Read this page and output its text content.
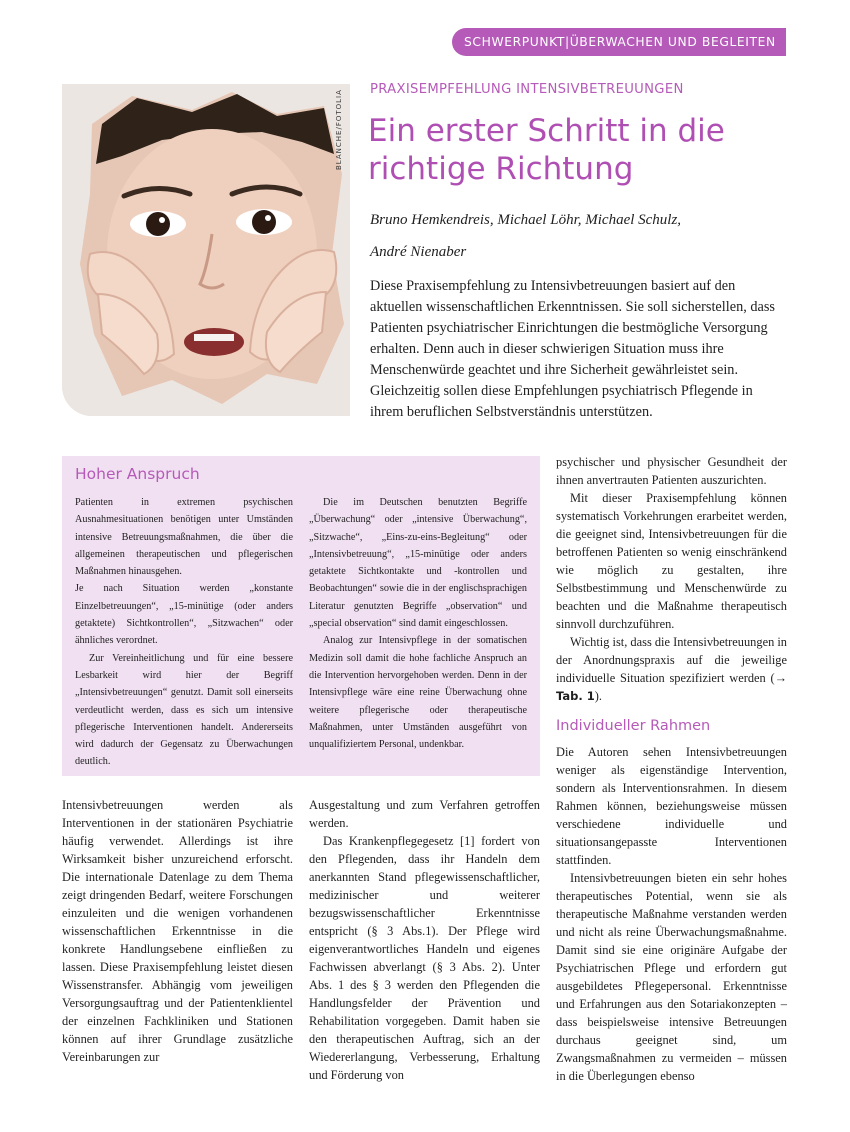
SCHWERPUNKT|ÜBERWACHEN UND BEGLEITEN 93
BLANCHE/FOTOLIA	PRAXISEMPFEHLUNG INTENSIVBETREUUNGEN
Ein erster Schritt in die
richtige Richtung
Bruno Hemkendreis, Michael Löhr, Michael Schulz,
André Nienaber
Diese Praxisempfehlung zu Intensivbetreuungen basiert auf den aktuellen wissenschaftlichen Erkenntnissen. Sie soll sicherstellen, dass Patienten psychiatrischer Einrichtungen die bestmögliche Versorgung erhalten. Denn auch in dieser schwierigen Situation muss ihre Menschenwürde geachtet und ihre Sicherheit gewährleistet sein. Gleichzeitig sollen diese Empfehlungen psychiatrisch Pflegende in ihrem beruflichen Selbstverständnis unterstützen.
Hoher Anspruch

Patienten in extremen psychischen Ausnahmesituationen benötigen unter Umständen intensive Betreuungsmaßnahmen, die über die allgemeinen therapeutischen und pflegerischen Maßnahmen hinausgehen.

Je nach Situation werden „konstante Einzelbetreuungen“, „15-minütige (oder anders getaktete) Sichtkontrollen“, „Sitzwachen“ oder ähnliches verordnet.

Zur Vereinheitlichung und für eine bessere Lesbarkeit wird hier der Begriff „Intensivbetreuungen“ genutzt. Damit soll einerseits verdeutlicht werden, dass es sich um intensive pflegerische Interventionen handelt. Andererseits wird dadurch der Gegensatz zu Überwachungen deutlich.

Die im Deutschen benutzten Begriffe „Überwachung“ oder „intensive Überwachung“, „Sitzwache“, „Eins-zu-eins-Begleitung“ oder „Intensivbetreuung“, „15-minütige oder anders getaktete Sichtkontakte und -kontrollen und Beobachtungen“ sowie die in der englischsprachigen Literatur genutzten Begriffe „observation“ und „special observation“ sind damit eingeschlossen.

Analog zur Intensivpflege in der somatischen Medizin soll damit die hohe fachliche Anspruch an die Intervention hervorgehoben werden. Denn in der Intensivpflege wäre eine reine Überwachung ohne weitere pflegerische oder therapeutische Maßnahmen, unter Umständen ausgeführt von unqualifiziertem Personal, undenkbar.

Intensivbetreuungen werden als Interventionen in der stationären Psychiatrie häufig verwendet. Allerdings ist ihre Wirksamkeit bisher unzureichend erforscht. Die internationale Datenlage zu dem Thema zeigt dringenden Bedarf, weitere Forschungen einzuleiten und die wenigen vorhandenen wissenschaftlichen Erkenntnisse in die konkrete Handlungsebene einfließen zu lassen. Diese Praxisempfehlung leistet diesen Wissenstransfer. Abhängig vom jeweiligen Versorgungsauftrag und der Patientenklientel der einzelnen Fachkliniken und Stationen können auf ihrer Grundlage zusätzliche Vereinbarungen zur

Ausgestaltung und zum Verfahren getroffen werden.

Das Krankenpflegegesetz [1] fordert von den Pflegenden, dass ihr Handeln dem anerkannten Stand pflegewissenschaftlicher, medizinischer und weiterer bezugswissenschaftlicher Erkenntnisse entspricht (§ 3 Abs.1). Der Pflege wird eigenverantwortliches Handeln und eigenes Fachwissen abverlangt (§ 3 Abs. 2). Unter Abs. 1 des § 3 werden den Pflegenden die Handlungsfelder der Prävention und Rehabilitation vorgegeben. Damit haben sie den therapeutischen Auftrag, sich an der Wiedererlangung, Verbesserung, Erhaltung und Förderung von

psychischer und physischer Gesundheit der ihnen anvertrauten Patienten auszurichten.

Mit dieser Praxisempfehlung können systematisch Vorkehrungen erarbeitet werden, die geeignet sind, Intensivbetreuungen für die betroffenen Patienten so wenig einschränkend wie möglich zu gestalten, ihre Selbstbestimmung und Menschenwürde zu beachten und die Maßnahme therapeutisch sinnvoll durchzuführen.

Wichtig ist, dass die Intensivbetreuungen in der Anordnungspraxis auf die jeweilige individuelle Situation spezifiziert werden (→ Tab. 1).

Individueller Rahmen

Die Autoren sehen Intensivbetreuungen weniger als eigenständige Intervention, sondern als Interventionsrahmen. In diesem Rahmen können, beziehungsweise müssen verschiedene individuelle und situationsangepasste Interventionen stattfinden.

Intensivbetreuungen bieten ein sehr hohes therapeutisches Potential, wenn sie als therapeutische Maßnahme verstanden werden und nicht als reine Überwachungsmaßnahme. Damit sind sie eine originäre Aufgabe der Psychiatrischen Pflege und erfordern gut ausgebildetes Pflegepersonal. Erkenntnisse und Erfahrungen aus den Sotariakonzepten – dass beispielsweise intensive Betreuungen durchaus geeignet sind, um Zwangsmaßnahmen zu vermeiden – müssen in die Überlegungen ebenso
